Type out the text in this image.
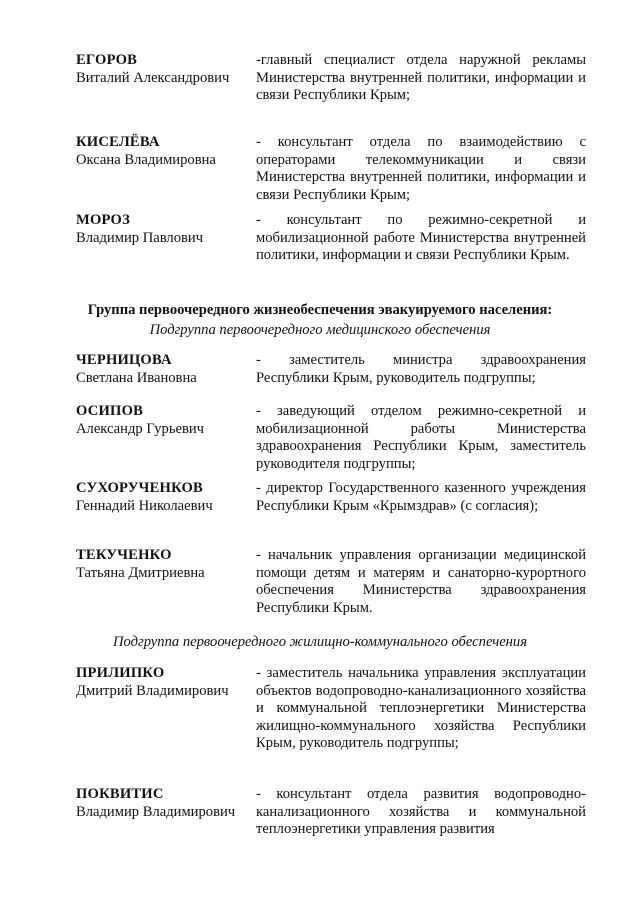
ЕГОРОВ
Виталий Александрович
-главный специалист отдела наружной рекламы Министерства внутренней политики, информации и связи Республики Крым;
КИСЕЛЁВА
Оксана Владимировна
- консультант отдела по взаимодействию с операторами телекоммуникации и связи Министерства внутренней политики, информации и связи Республики Крым;
МОРОЗ
Владимир Павлович
- консультант по режимно-секретной и мобилизационной работе Министерства внутренней политики, информации и связи Республики Крым.
Группа первоочередного жизнеобеспечения эвакуируемого населения:
Подгруппа первоочередного медицинского обеспечения
ЧЕРНИЦОВА
Светлана Ивановна
- заместитель министра здравоохранения Республики Крым, руководитель подгруппы;
ОСИПОВ
Александр Гурьевич
- заведующий отделом режимно-секретной и мобилизационной работы Министерства здравоохранения Республики Крым, заместитель руководителя подгруппы;
СУХОРУЧЕНКОВ
Геннадий Николаевич
- директор Государственного казенного учреждения Республики Крым «Крымздрав» (с согласия);
ТЕКУЧЕНКО
Татьяна Дмитриевна
- начальник управления организации медицинской помощи детям и матерям и санаторно-курортного обеспечения Министерства здравоохранения Республики Крым.
Подгруппа первоочередного жилищно-коммунального обеспечения
ПРИЛИПКО
Дмитрий Владимирович
- заместитель начальника управления эксплуатации объектов водопроводно-канализационного хозяйства и коммунальной теплоэнергетики Министерства жилищно-коммунального хозяйства Республики Крым, руководитель подгруппы;
ПОКВИТИС
Владимир Владимирович
- консультант отдела развития водопроводно-канализационного хозяйства и коммунальной теплоэнергетики управления развития
